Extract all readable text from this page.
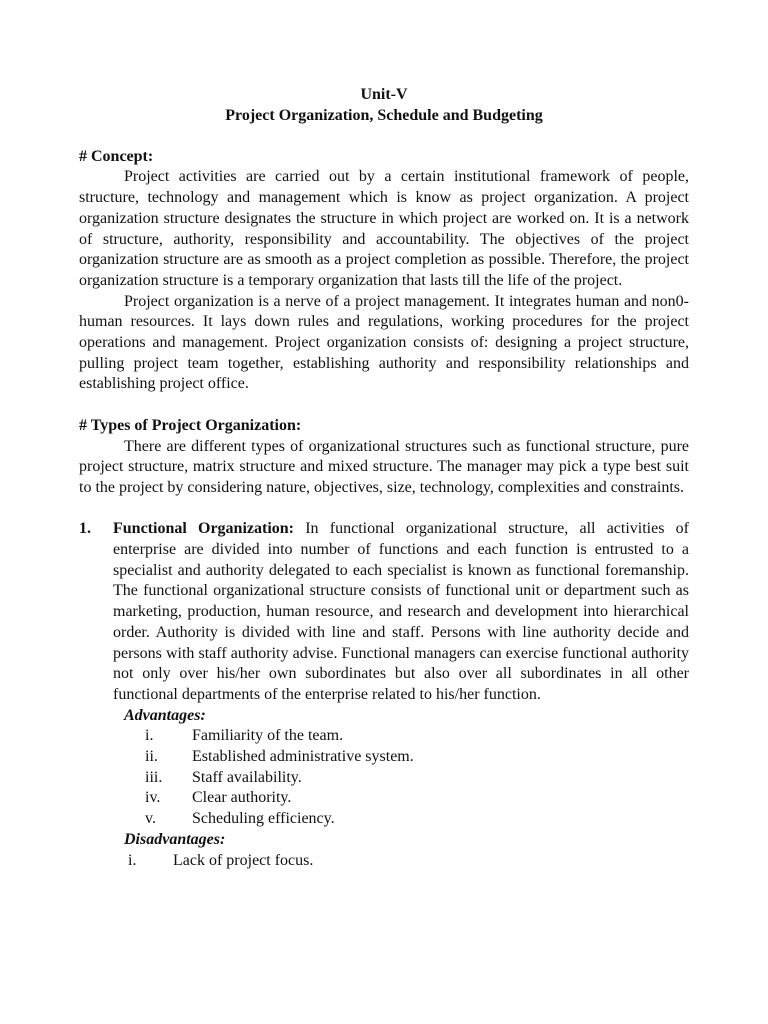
Unit-V

Project Organization, Schedule and Budgeting

# Concept:

Project activities are carried out by a certain institutional framework of people, structure, technology and management which is know as project organization. A project organization structure designates the structure in which project are worked on. It is a network of structure, authority, responsibility and accountability. The objectives of the project organization structure are as smooth as a project completion as possible. Therefore, the project organization structure is a temporary organization that lasts till the life of the project.

Project organization is a nerve of a project management. It integrates human and non0-human resources. It lays down rules and regulations, working procedures for the project operations and management. Project organization consists of: designing a project structure, pulling project team together, establishing authority and responsibility relationships and establishing project office.

# Types of Project Organization:

There are different types of organizational structures such as functional structure, pure project structure, matrix structure and mixed structure. The manager may pick a type best suit to the project by considering nature, objectives, size, technology, complexities and constraints.

1.	Functional Organization: In functional organizational structure, all activities of enterprise are divided into number of functions and each function is entrusted to a specialist and authority delegated to each specialist is known as functional foremanship. The functional organizational structure consists of functional unit or department such as marketing, production, human resource, and research and development into hierarchical order. Authority is divided with line and staff. Persons with line authority decide and persons with staff authority advise. Functional managers can exercise functional authority not only over his/her own subordinates but also over all subordinates in all other functional departments of the enterprise related to his/her function.

Advantages:

i.	Familiarity of the team.
ii.	Established administrative system.
iii.	Staff availability.
iv.	Clear authority.
v.	Scheduling efficiency.

Disadvantages:

i.	Lack of project focus.
